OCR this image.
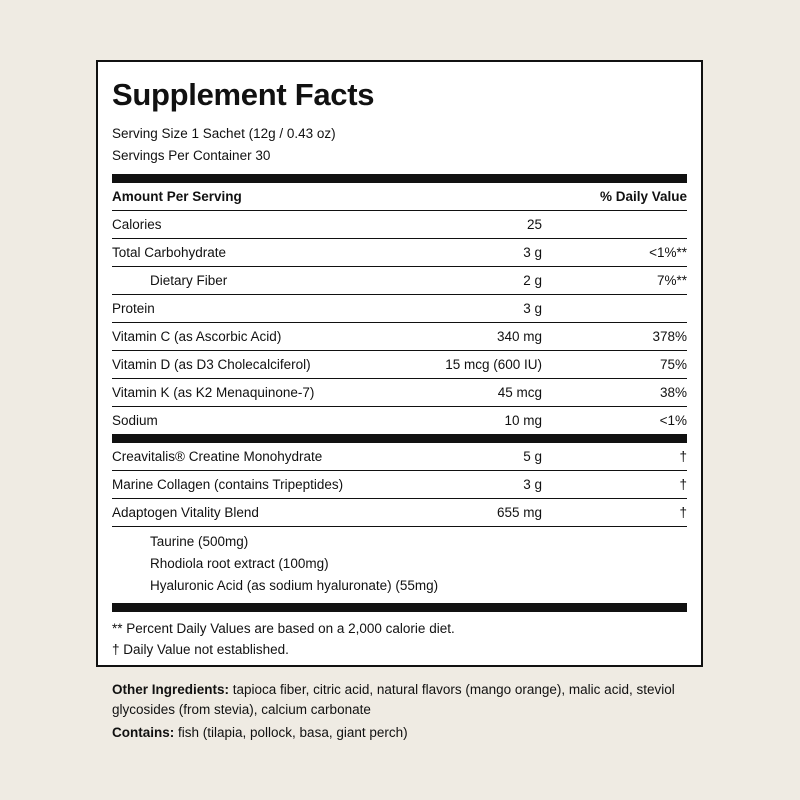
Supplement Facts
Serving Size 1 Sachet (12g / 0.43 oz)
Servings Per Container 30
Amount Per Serving	% Daily Value
Calories	25
Total Carbohydrate	3 g	<1%**
Dietary Fiber	2 g	7%**
Protein	3 g
Vitamin C (as Ascorbic Acid)	340 mg	378%
Vitamin D (as D3 Cholecalciferol)	15 mcg (600 IU)	75%
Vitamin K (as K2 Menaquinone-7)	45 mcg	38%
Sodium	10 mg	<1%
Creavitalis® Creatine Monohydrate	5 g	†
Marine Collagen (contains Tripeptides)	3 g	†
Adaptogen Vitality Blend	655 mg	†
Taurine (500mg)
Rhodiola root extract (100mg)
Hyaluronic Acid (as sodium hyaluronate) (55mg)
** Percent Daily Values are based on a 2,000 calorie diet.
† Daily Value not established.

Other Ingredients: tapioca fiber, citric acid, natural flavors (mango orange), malic acid, steviol glycosides (from stevia), calcium carbonate

Contains: fish (tilapia, pollock, basa, giant perch)
